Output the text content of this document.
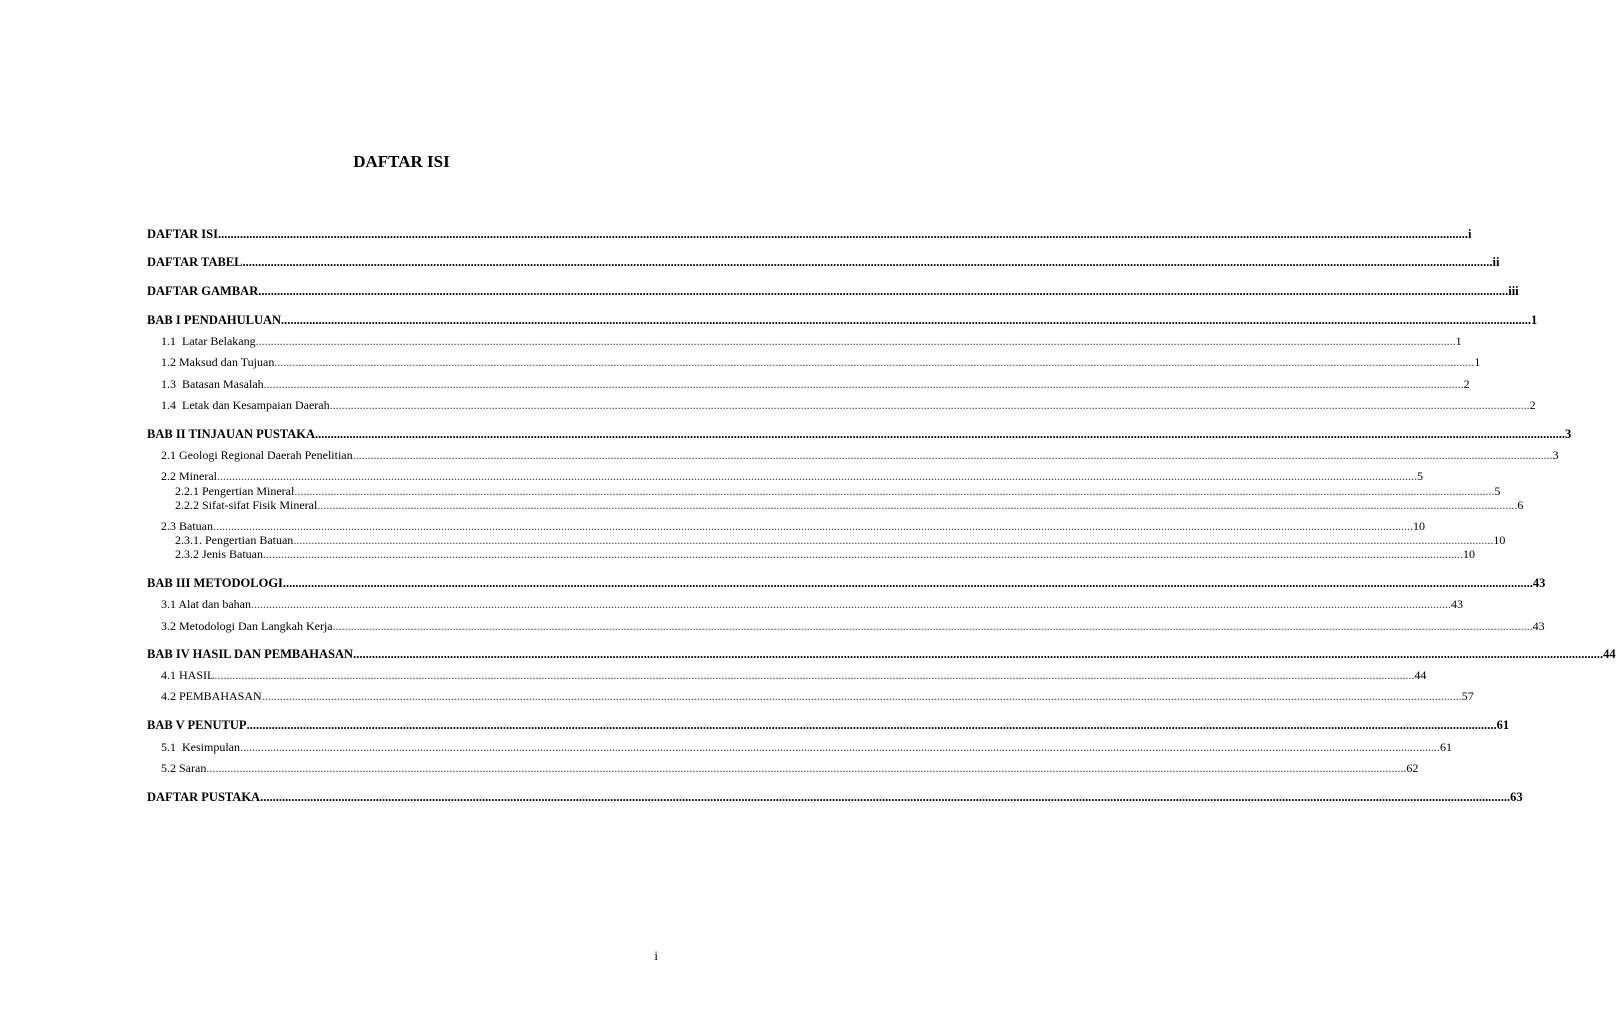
DAFTAR ISI
DAFTAR ISI ................................................................................................................................................................................................................................................................................................................................................................................................................ i
DAFTAR TABEL ................................................................................................................................................................................................................................................................................................................................................................................................................ ii
DAFTAR GAMBAR ................................................................................................................................................................................................................................................................................................................................................................................................................ iii
BAB I PENDAHULUAN ................................................................................................................................................................................................................................................................................................................................................................................................................ 1
1.1  Latar Belakang ................................................................................................................................................................................................................................................................................................................................................................................................................ 1
1.2 Maksud dan Tujuan ................................................................................................................................................................................................................................................................................................................................................................................................................ 1
1.3  Batasan Masalah ................................................................................................................................................................................................................................................................................................................................................................................................................ 2
1.4  Letak dan Kesampaian Daerah ................................................................................................................................................................................................................................................................................................................................................................................................................ 2
BAB II TINJAUAN PUSTAKA ................................................................................................................................................................................................................................................................................................................................................................................................................ 3
2.1 Geologi Regional Daerah Penelitian ................................................................................................................................................................................................................................................................................................................................................................................................................ 3
2.2 Mineral ................................................................................................................................................................................................................................................................................................................................................................................................................ 5
2.2.1 Pengertian Mineral ................................................................................................................................................................................................................................................................................................................................................................................................................ 5
2.2.2 Sifat-sifat Fisik Mineral ................................................................................................................................................................................................................................................................................................................................................................................................................ 6
2.3 Batuan ................................................................................................................................................................................................................................................................................................................................................................................................................ 10
2.3.1. Pengertian Batuan ................................................................................................................................................................................................................................................................................................................................................................................................................ 10
2.3.2 Jenis Batuan ................................................................................................................................................................................................................................................................................................................................................................................................................ 10
BAB III METODOLOGI ................................................................................................................................................................................................................................................................................................................................................................................................................ 43
3.1 Alat dan bahan ................................................................................................................................................................................................................................................................................................................................................................................................................ 43
3.2 Metodologi Dan Langkah Kerja ................................................................................................................................................................................................................................................................................................................................................................................................................ 43
BAB IV HASIL DAN PEMBAHASAN ................................................................................................................................................................................................................................................................................................................................................................................................................ 44
4.1 HASIL ................................................................................................................................................................................................................................................................................................................................................................................................................ 44
4.2 PEMBAHASAN ................................................................................................................................................................................................................................................................................................................................................................................................................ 57
BAB V PENUTUP ................................................................................................................................................................................................................................................................................................................................................................................................................ 61
5.1  Kesimpulan ................................................................................................................................................................................................................................................................................................................................................................................................................ 61
5.2 Saran ................................................................................................................................................................................................................................................................................................................................................................................................................ 62
DAFTAR PUSTAKA ................................................................................................................................................................................................................................................................................................................................................................................................................ 63
i
